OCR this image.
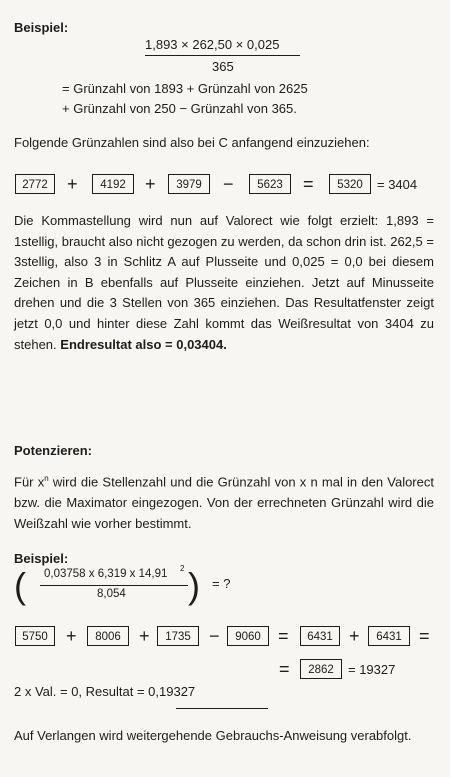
Beispiel:
1,893 × 262,50 × 0,025
365
= Grünzahl von 1893 + Grünzahl von 2625
+ Grünzahl von 250 − Grünzahl von 365.
Folgende Grünzahlen sind also bei C anfangend einzuziehen:
2772	+	4192	+	3979	−	5623	=	5320	= 3404
Die Kommastellung wird nun auf Valorect wie folgt erzielt: 1,893 = 1stellig, braucht also nicht gezogen zu werden, da schon drin ist. 262,5 = 3stellig, also 3 in Schlitz A auf Plusseite und 0,025 = 0,0 bei diesem Zeichen in B ebenfalls auf Plusseite einziehen. Jetzt auf Minusseite drehen und die 3 Stellen von 365 einziehen. Das Resultatfenster zeigt jetzt 0,0 und hinter diese Zahl kommt das Weißresultat von 3404 zu stehen. Endresultat also = 0,03404.
Potenzieren:
Für $x^n$ wird die Stellenzahl und die Grünzahl von x n mal in den Valorect bzw. die Maximator eingezogen. Von der errechneten Grünzahl wird die Weißzahl wie vorher bestimmt.
Beispiel:
( 0,03758 x 6,319 x 14,91 2
8,054 ) = ?
5750	+	8006	+	1735	−	9060 =	6431 +	6431 =
=	2862	= 19327
2 x Val. = 0, Resultat = 0,19327
Auf Verlangen wird weitergehende Gebrauchs-Anweisung verabfolgt.
